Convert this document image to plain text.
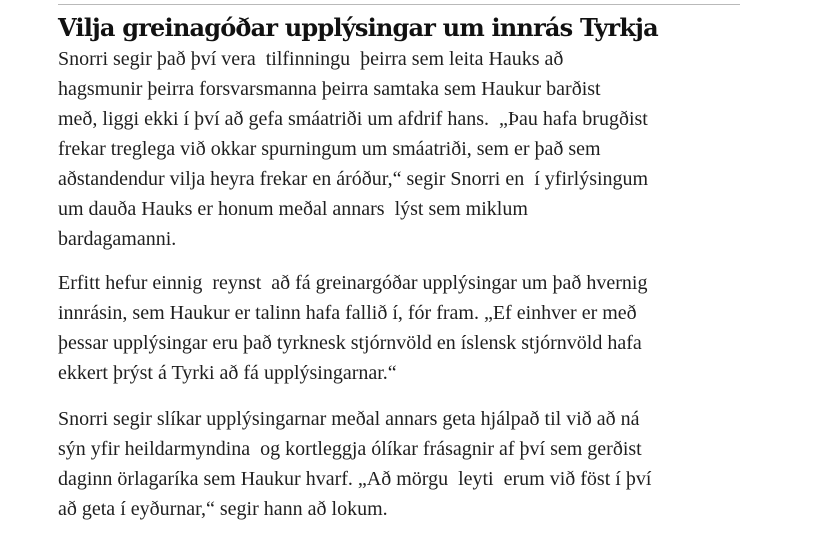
Vilja greinagóðar upplýsingar um innrás Tyrkja

Snorri segir það því vera  tilfinningu  þeirra sem leita Hauks að
hagsmunir þeirra forsvarsmanna þeirra samtaka sem Haukur barðist
með, liggi ekki í því að gefa smáatriði um afdrif hans.  „Þau hafa brugðist
frekar treglega við okkar spurningum um smáatriði, sem er það sem
aðstandendur vilja heyra frekar en áróður,“ segir Snorri en  í yfirlýsingum
um dauða Hauks er honum meðal annars  lýst sem miklum
bardagamanni.

Erfitt hefur einnig  reynst  að fá greinargóðar upplýsingar um það hvernig
innrásin, sem Haukur er talinn hafa fallið í, fór fram. „Ef einhver er með
þessar upplýsingar eru það tyrknesk stjórnvöld en íslensk stjórnvöld hafa
ekkert þrýst á Tyrki að fá upplýsingarnar.“

Snorri segir slíkar upplýsingarnar meðal annars geta hjálpað til við að ná
sýn yfir heildarmyndina  og kortleggja ólíkar frásagnir af því sem gerðist
daginn örlagaríka sem Haukur hvarf. „Að mörgu  leyti  erum við föst í því
að geta í eyðurnar,“ segir hann að lokum.
